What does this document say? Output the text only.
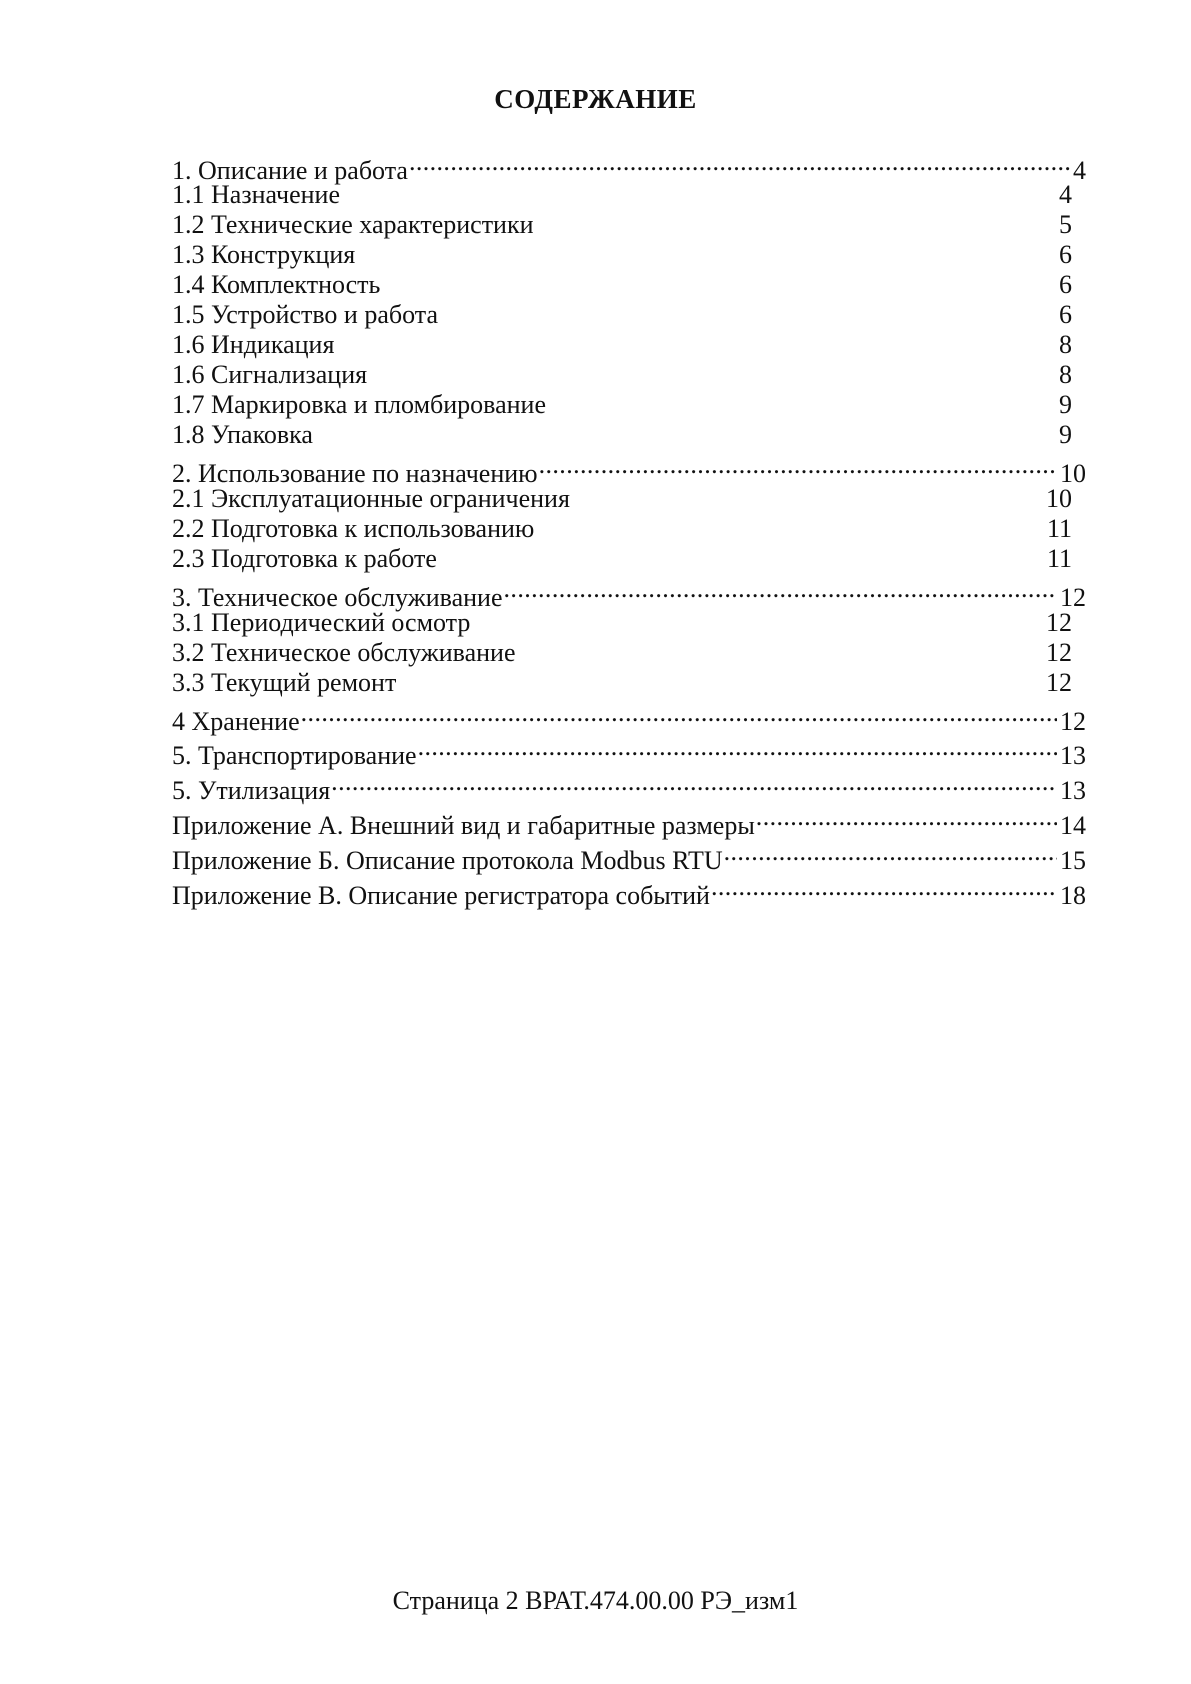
СОДЕРЖАНИЕ
1. Описание и работа .....	4
1.1 Назначение	4
1.2 Технические характеристики	5
1.3 Конструкция	6
1.4 Комплектность	6
1.5 Устройство и работа	6
1.6 Индикация	8
1.6 Сигнализация	8
1.7 Маркировка и пломбирование	9
1.8 Упаковка	9
2. Использование по назначению .....	10
2.1 Эксплуатационные ограничения	10
2.2 Подготовка к использованию	11
2.3 Подготовка к работе	11
3. Техническое обслуживание .....	12
3.1 Периодический осмотр	12
3.2 Техническое обслуживание	12
3.3 Текущий ремонт	12
4 Хранение .....	12
5. Транспортирование .....	13
5. Утилизация .....	13
Приложение А. Внешний вид и габаритные размеры .....	14
Приложение Б. Описание протокола Modbus RTU .....	15
Приложение В. Описание регистратора событий .....	18
Страница 2 ВРАТ.474.00.00 РЭ_изм1
